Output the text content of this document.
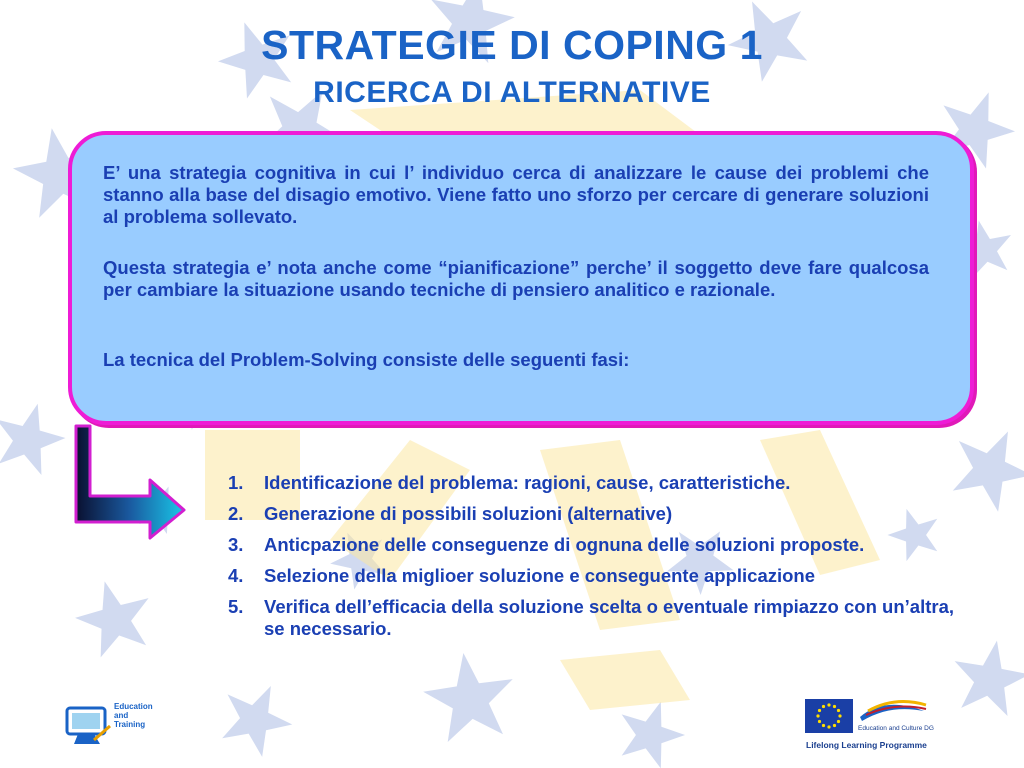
STRATEGIE DI COPING 1
RICERCA DI ALTERNATIVE

E’ una strategia cognitiva in cui l’ individuo cerca di analizzare le cause dei problemi che stanno alla base del disagio emotivo. Viene fatto uno sforzo per cercare di generare soluzioni al problema sollevato.

Questa strategia e’ nota anche come “pianificazione” perche’ il soggetto deve fare qualcosa per cambiare la situazione usando tecniche di pensiero analitico e razionale.

La tecnica del Problem-Solving consiste delle seguenti fasi:

1. Identificazione del problema: ragioni, cause, caratteristiche.
2. Generazione di possibili soluzioni (alternative)
3. Anticpazione delle conseguenze di ognuna delle soluzioni proposte.
4. Selezione della miglioer soluzione e conseguente applicazione
5. Verifica dell’efficacia della soluzione scelta o eventuale rimpiazzo con un’altra, se necessario.
Education
and
Training	Education and Culture DG
Lifelong Learning Programme
